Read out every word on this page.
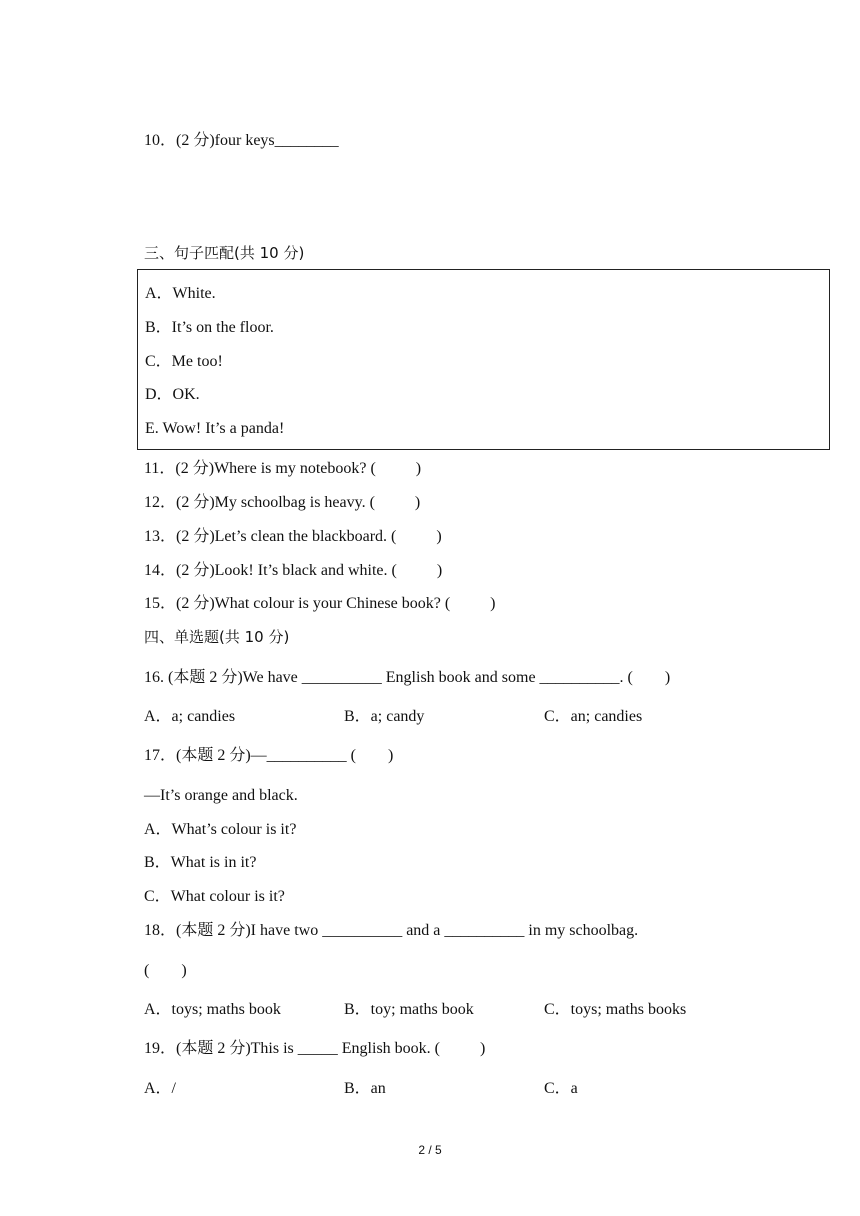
10．(2 分)four keys________
三、句子匹配(共 10 分)
A．White.
B．It’s on the floor.
C．Me too!
D．OK.
E. Wow! It’s a panda!
11．(2 分)Where is my notebook? (          )
12．(2 分)My schoolbag is heavy. (          )
13．(2 分)Let’s clean the blackboard. (          )
14．(2 分)Look! It’s black and white. (          )
15．(2 分)What colour is your Chinese book? (          )
四、单选题(共 10 分)
16. (本题 2 分)We have __________ English book and some __________. (        )
A．a; candies	B．a; candy	C．an; candies
17．(本题 2 分)—__________ (        )
—It’s orange and black.
A．What’s colour is it?
B．What is in it?
C．What colour is it?
18．(本题 2 分)I have two __________ and a __________ in my schoolbag.
(        )
A．toys; maths book	B．toy; maths book	C．toys; maths books
19．(本题 2 分)This is _____ English book. (          )
A．/	B．an	C．a
2 / 5
